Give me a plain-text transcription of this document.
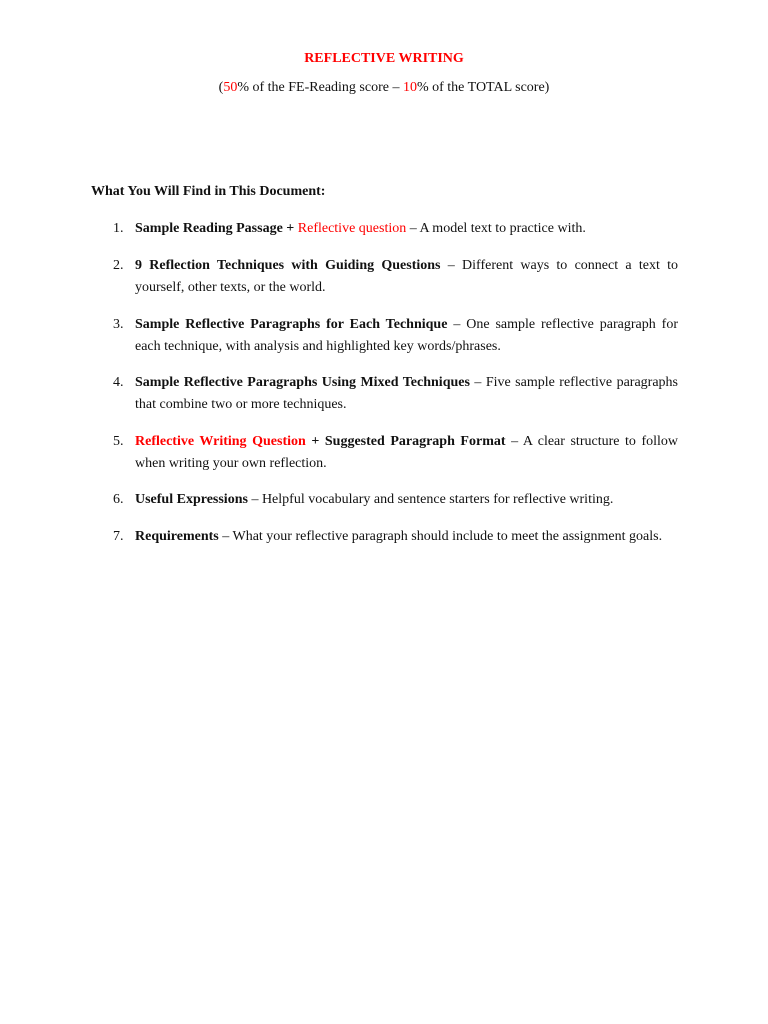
REFLECTIVE WRITING
(50% of the FE-Reading score – 10% of the TOTAL score)
What You Will Find in This Document:
1. Sample Reading Passage + Reflective question – A model text to practice with.
2. 9 Reflection Techniques with Guiding Questions – Different ways to connect a text to yourself, other texts, or the world.
3. Sample Reflective Paragraphs for Each Technique – One sample reflective paragraph for each technique, with analysis and highlighted key words/phrases.
4. Sample Reflective Paragraphs Using Mixed Techniques – Five sample reflective paragraphs that combine two or more techniques.
5. Reflective Writing Question + Suggested Paragraph Format – A clear structure to follow when writing your own reflection.
6. Useful Expressions – Helpful vocabulary and sentence starters for reflective writing.
7. Requirements – What your reflective paragraph should include to meet the assignment goals.
